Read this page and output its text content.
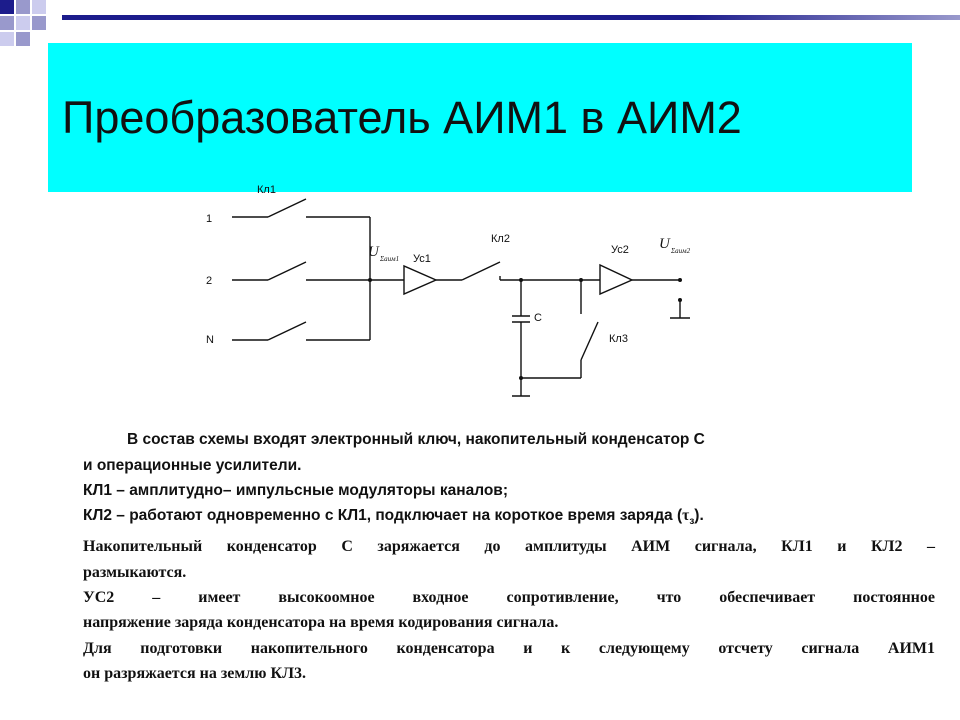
Преобразователь АИМ1 в АИМ2
Кл1
1
2
N
Ус1
Кл2
Ус2
C
Кл3
U Σаим1
U Σаим2
В состав схемы входят электронный ключ, накопительный конденсатор С
и операционные усилители.
КЛ1 – амплитудно– импульсные модуляторы каналов;
КЛ2 – работают одновременно с КЛ1, подключает на короткое время заряда $(\tau_з)$.
Накопительный конденсатор С заряжается до амплитуды АИМ сигнала, КЛ1 и КЛ2 –
размыкаются.
УС2 – имеет высокоомное входное сопротивление, что обеспечивает постоянное
напряжение заряда конденсатора на время кодирования сигнала.
Для подготовки накопительного конденсатора и к следующему отсчету сигнала АИМ1
он разряжается на землю КЛ3.
